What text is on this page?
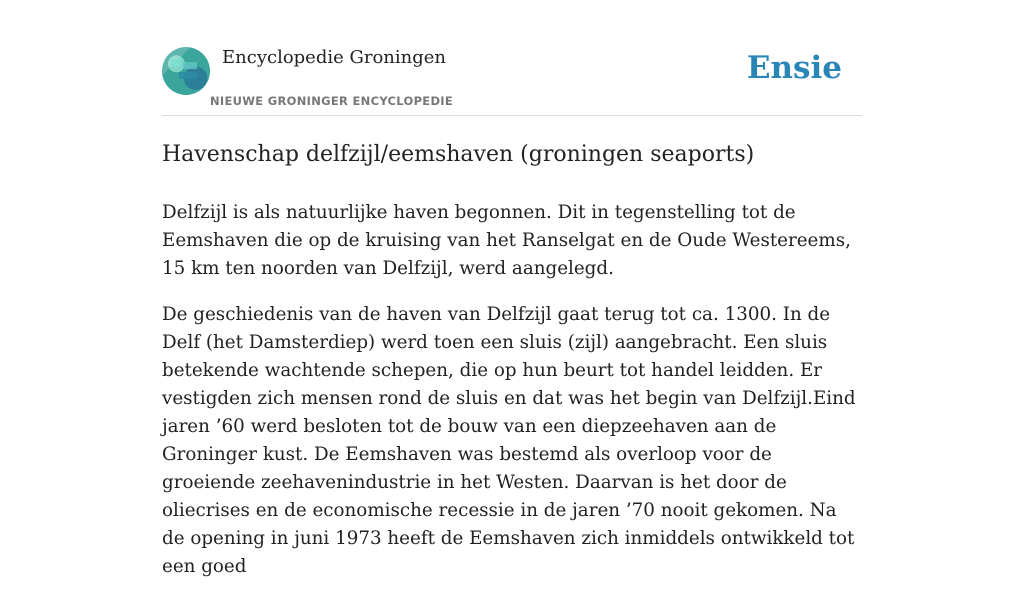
Encyclopedie Groningen
NIEUWE GRONINGER ENCYCLOPEDIE
Ensie
Havenschap delfzijl/eemshaven (groningen seaports)

Delfzijl is als natuurlijke haven begonnen. Dit in tegenstelling tot de Eemshaven die op de kruising van het Ranselgat en de Oude Westereems, 15 km ten noorden van Delfzijl, werd aangelegd.

De geschiedenis van de haven van Delfzijl gaat terug tot ca. 1300. In de Delf (het Damsterdiep) werd toen een sluis (zijl) aangebracht. Een sluis betekende wachtende schepen, die op hun beurt tot handel leidden. Er vestigden zich mensen rond de sluis en dat was het begin van Delfzijl.Eind jaren ’60 werd besloten tot de bouw van een diepzeehaven aan de Groninger kust. De Eemshaven was bestemd als overloop voor de groeiende zeehavenindustrie in het Westen. Daarvan is het door de oliecrises en de economische recessie in de jaren ’70 nooit gekomen. Na de opening in juni 1973 heeft de Eemshaven zich inmiddels ontwikkeld tot een goed
